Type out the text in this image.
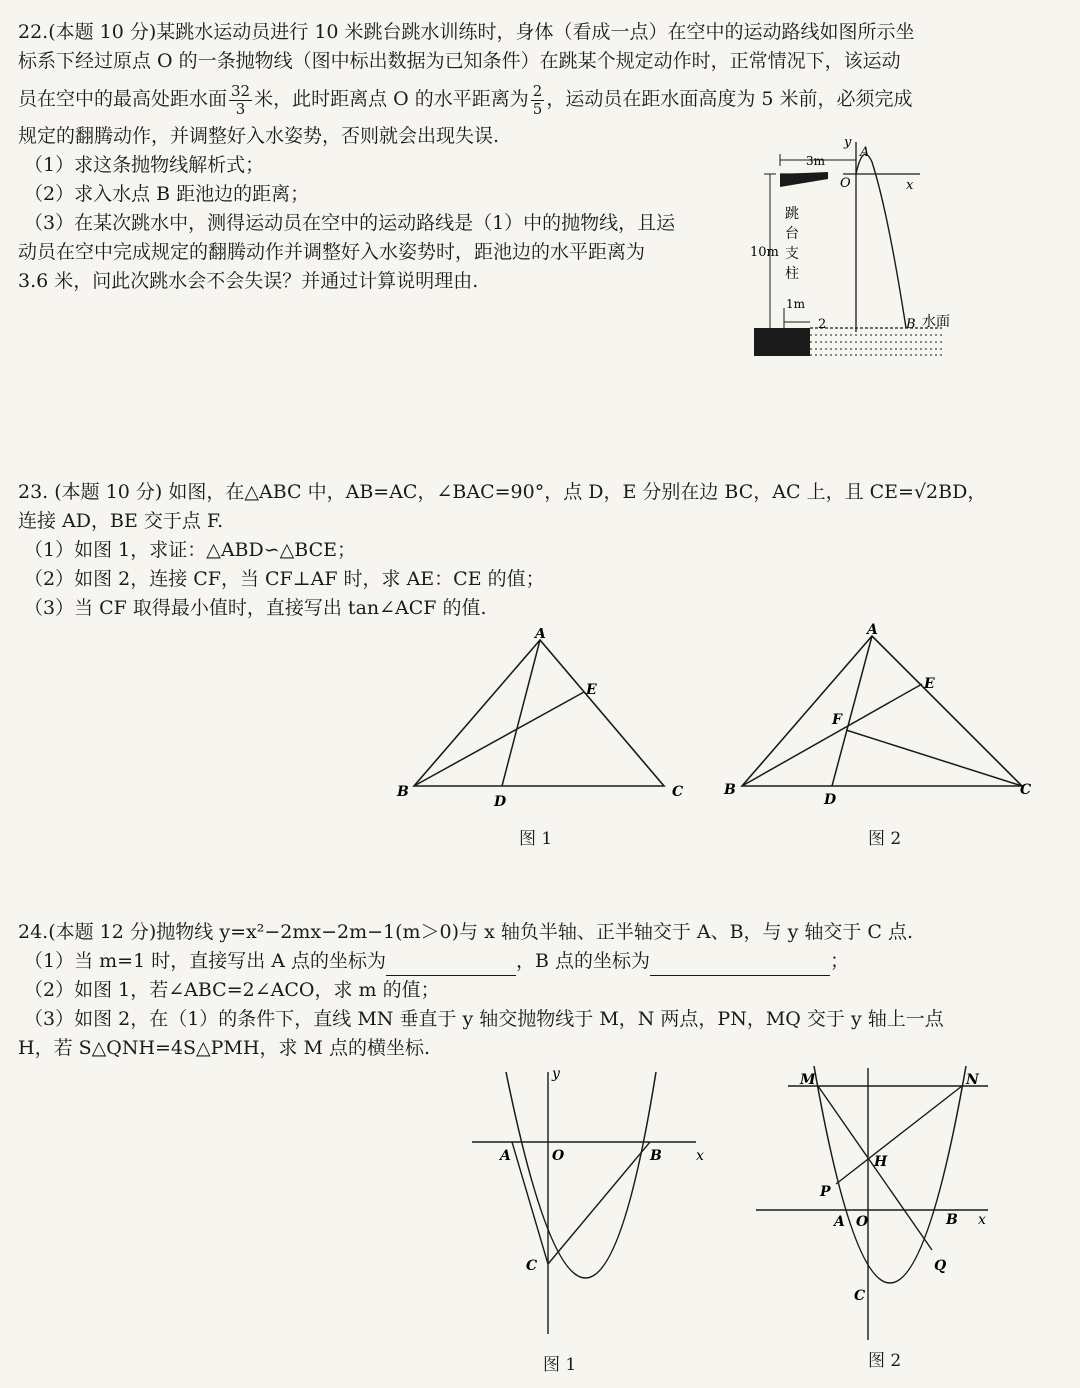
22.(本题 10 分)某跳水运动员进行 10 米跳台跳水训练时，身体（看成一点）在空中的运动路线如图所示坐
标系下经过原点 O 的一条抛物线（图中标出数据为已知条件）在跳某个规定动作时，正常情况下，该运动
员在空中的最高处距水面 $\frac{32}{3}$ 米，此时距离点 O 的水平距离为 $\frac{2}{5}$ ，运动员在距水面高度为 5 米前，必须完成
规定的翻腾动作，并调整好入水姿势，否则就会出现失误.
（1）求这条抛物线解析式；
（2）求入水点 B 距池边的距离；
（3）在某次跳水中，测得运动员在空中的运动路线是（1）中的抛物线，且运
动员在空中完成规定的翻腾动作并调整好入水姿势时，距池边的水平距离为
3.6 米，问此次跳水会不会失误？并通过计算说明理由.
3m
y
x
O
A
B 水面
10m
跳
台
支
柱
1m
2
23. (本题 10 分) 如图，在△ABC 中，AB=AC，∠BAC=90°，点 D，E 分别在边 BC，AC 上，且 CE=√2BD，
连接 AD，BE 交于点 F.
（1）如图 1，求证：△ABD∽△BCE；
（2）如图 2，连接 CF，当 CF⊥AF 时，求 AE：CE 的值；
（3）当 CF 取得最小值时，直接写出 tan∠ACF 的值.
A
B	C
D
E
图 1
A
B	C
D
E
F
图 2
24.(本题 12 分)抛物线 y=x²−2mx−2m−1(m＞0)与 x 轴负半轴、正半轴交于 A、B，与 y 轴交于 C 点.
（1）当 m=1 时，直接写出 A 点的坐标为	，B 点的坐标为	；
（2）如图 1，若∠ABC=2∠ACO，求 m 的值；
（3）如图 2，在（1）的条件下，直线 MN 垂直于 y 轴交抛物线于 M，N 两点，PN，MQ 交于 y 轴上一点
H，若 S△QNH=4S△PMH，求 M 点的横坐标.
y
x
A	O	B
C
图 1
M	N
H
P
A O	B x
Q
C
图 2
